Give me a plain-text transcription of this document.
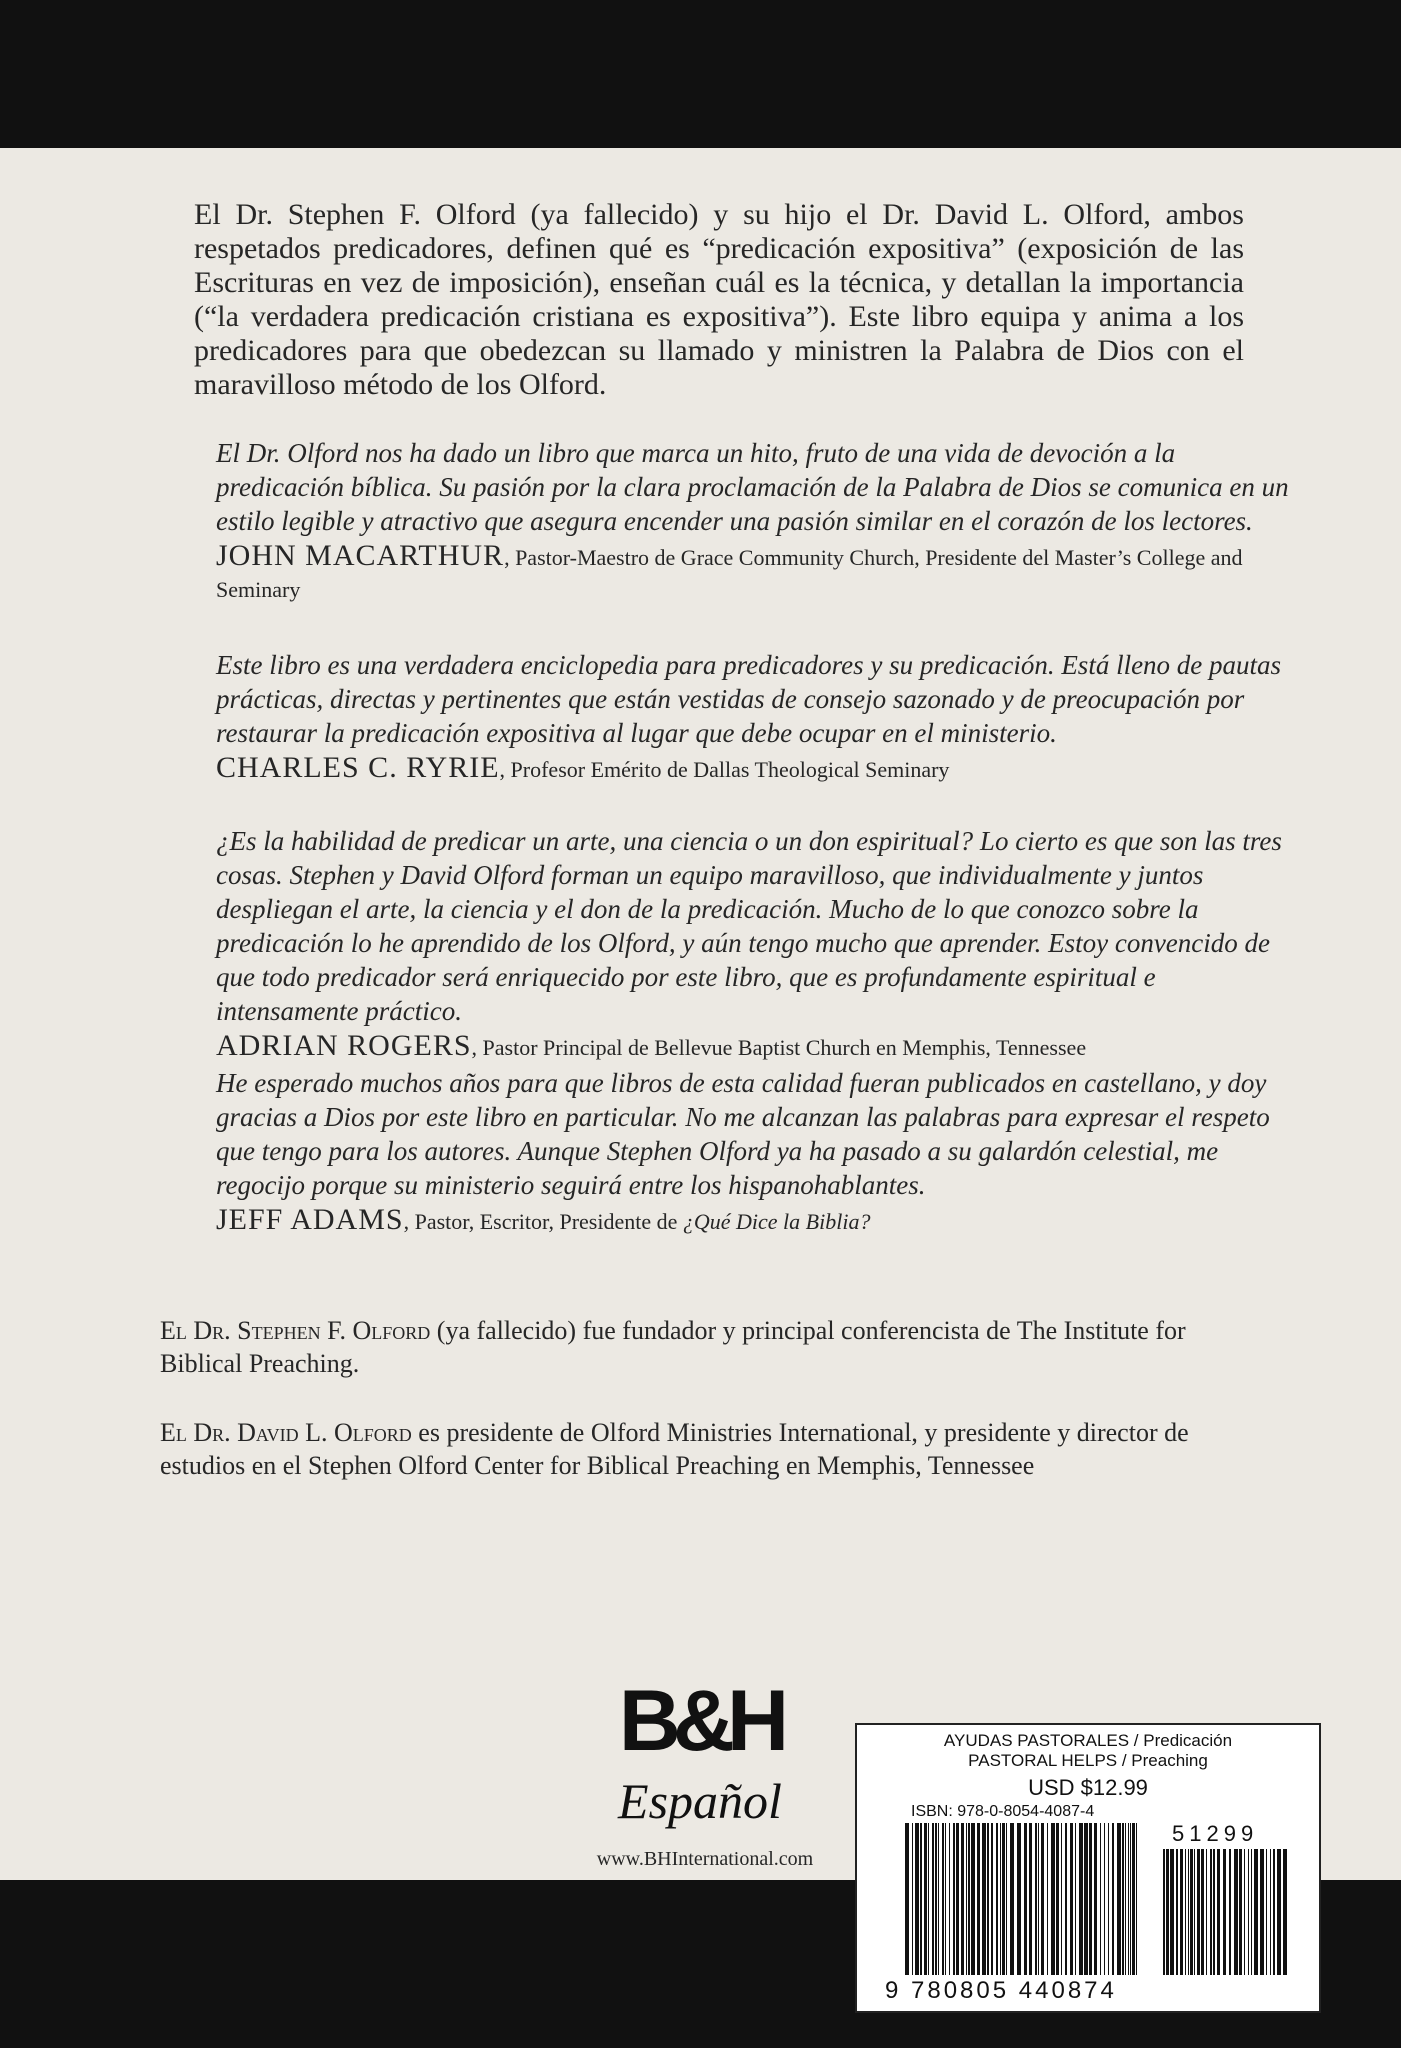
El Dr. Stephen F. Olford (ya fallecido) y su hijo el Dr. David L. Olford, ambos respetados predicadores, definen qué es “predicación expositiva” (exposición de las Escrituras en vez de imposición), enseñan cuál es la técnica, y detallan la importancia (“la verdadera predicación cristiana es expositiva”). Este libro equipa y anima a los predicadores para que obedezcan su llamado y ministren la Palabra de Dios con el maravilloso método de los Olford.
El Dr. Olford nos ha dado un libro que marca un hito, fruto de una vida de devoción a la predicación bíblica. Su pasión por la clara proclamación de la Palabra de Dios se comunica en un estilo legible y atractivo que asegura encender una pasión similar en el corazón de los lectores.
JOHN MACARTHUR, Pastor-Maestro de Grace Community Church, Presidente del Master’s College and Seminary
Este libro es una verdadera enciclopedia para predicadores y su predicación. Está lleno de pautas prácticas, directas y pertinentes que están vestidas de consejo sazonado y de preocupación por restaurar la predicación expositiva al lugar que debe ocupar en el ministerio.
CHARLES C. RYRIE, Profesor Emérito de Dallas Theological Seminary
¿Es la habilidad de predicar un arte, una ciencia o un don espiritual? Lo cierto es que son las tres cosas. Stephen y David Olford forman un equipo maravilloso, que individualmente y juntos despliegan el arte, la ciencia y el don de la predicación. Mucho de lo que conozco sobre la predicación lo he aprendido de los Olford, y aún tengo mucho que aprender. Estoy convencido de que todo predicador será enriquecido por este libro, que es profundamente espiritual e intensamente práctico.
ADRIAN ROGERS, Pastor Principal de Bellevue Baptist Church en Memphis, Tennessee
He esperado muchos años para que libros de esta calidad fueran publicados en castellano, y doy gracias a Dios por este libro en particular. No me alcanzan las palabras para expresar el respeto que tengo para los autores. Aunque Stephen Olford ya ha pasado a su galardón celestial, me regocijo porque su ministerio seguirá entre los hispanohablantes.
JEFF ADAMS, Pastor, Escritor, Presidente de ¿Qué Dice la Biblia?
El Dr. Stephen F. Olford (ya fallecido) fue fundador y principal conferencista de The Institute for Biblical Preaching.
El Dr. David L. Olford es presidente de Olford Ministries International, y presidente y director de estudios en el Stephen Olford Center for Biblical Preaching en Memphis, Tennessee
B&H
Español
www.BHInternational.com
AYUDAS PASTORALES / Predicación
PASTORAL HELPS / Preaching
USD $12.99
ISBN: 978-0-8054-4087-4
51299
9 780805 440874
